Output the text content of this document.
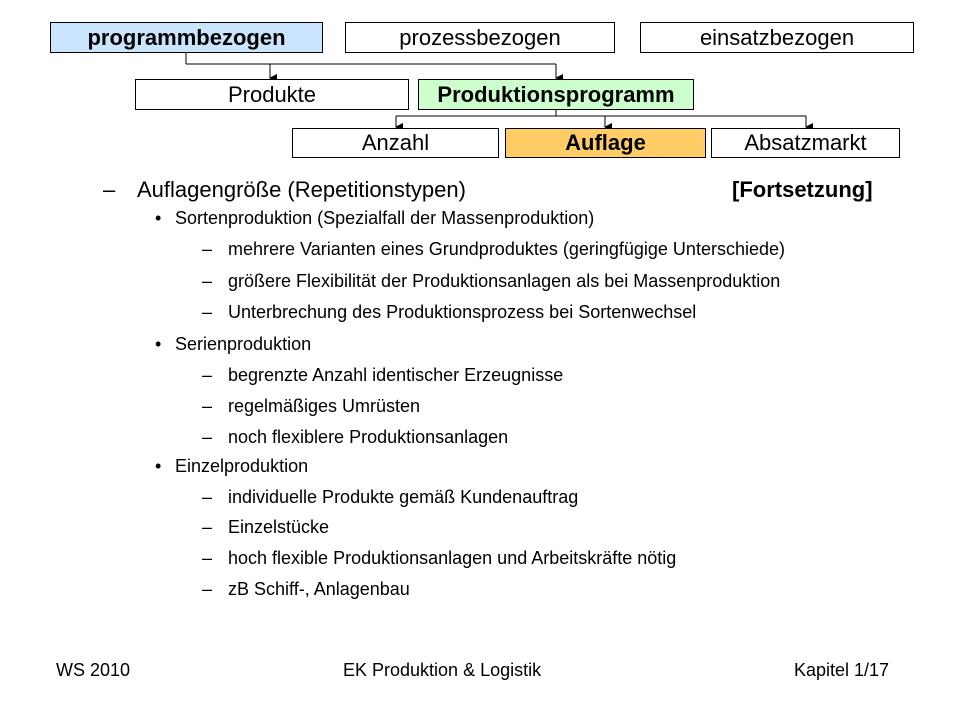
programmbezogen	prozessbezogen	einsatzbezogen
Produkte	Produktionsprogramm
Anzahl	Auflage	Absatzmarkt
– Auflagengröße (Repetitionstypen)	[Fortsetzung]
• Sortenproduktion (Spezialfall der Massenproduktion)
– mehrere Varianten eines Grundproduktes (geringfügige Unterschiede)
– größere Flexibilität der Produktionsanlagen als bei Massenproduktion
– Unterbrechung des Produktionsprozess bei Sortenwechsel
• Serienproduktion
– begrenzte Anzahl identischer Erzeugnisse
– regelmäßiges Umrüsten
– noch flexiblere Produktionsanlagen
• Einzelproduktion
– individuelle Produkte gemäß Kundenauftrag
– Einzelstücke
– hoch flexible Produktionsanlagen und Arbeitskräfte nötig
– zB Schiff-, Anlagenbau
WS 2010	EK Produktion & Logistik	Kapitel 1/17
